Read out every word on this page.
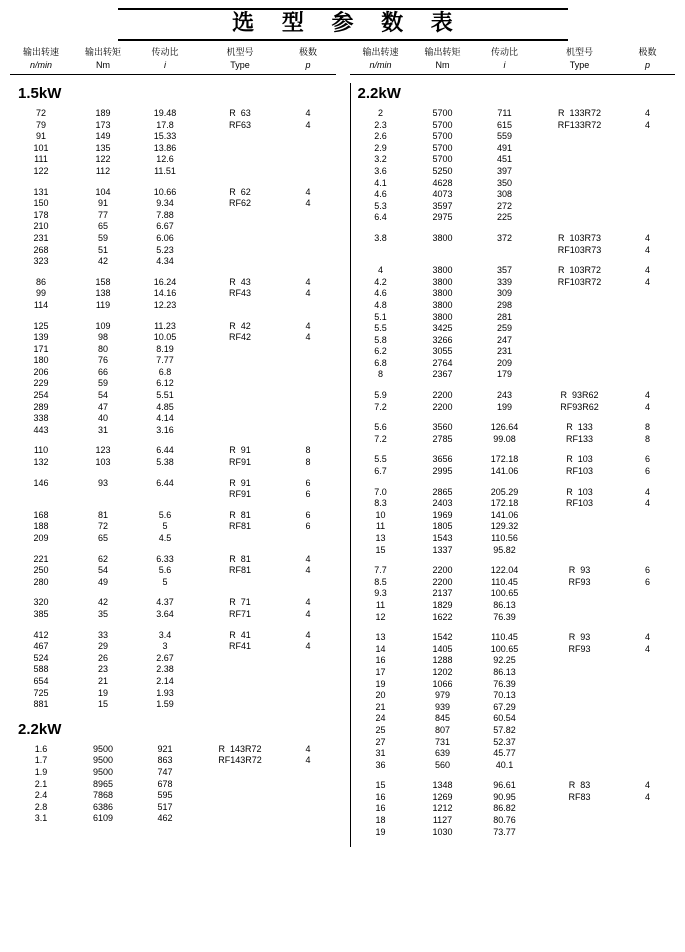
选 型 参 数 表
输出转速
n/min
输出转矩
Nm
传动比
i
机型号
Type
极数
p
1.5kW
72	189	19.48	R  63	4
79	173	17.8	RF63	4
91	149	15.33

101	135	13.86

111	122	12.6

122	112	11.51

131	104	10.66	R  62	4
150	91	9.34	RF62	4
178	77	7.88

210	65	6.67

231	59	6.06

268	51	5.23

323	42	4.34

86	158	16.24	R  43	4
99	138	14.16	RF43	4
114	119	12.23

125	109	11.23	R  42	4
139	98	10.05	RF42	4
171	80	8.19

180	76	7.77

206	66	6.8

229	59	6.12

254	54	5.51

289	47	4.85

338	40	4.14

443	31	3.16

110	123	6.44	R  91	8
132	103	5.38	RF91	8
146	93	6.44	R  91	6

RF91	6
168	81	5.6	R  81	6
188	72	5	RF81	6
209	65	4.5

221	62	6.33	R  81	4
250	54	5.6	RF81	4
280	49	5

320	42	4.37	R  71	4
385	35	3.64	RF71	4
412	33	3.4	R  41	4
467	29	3	RF41	4
524	26	2.67

588	23	2.38

654	21	2.14

725	19	1.93

881	15	1.59

2.2kW
1.6	9500	921	R  143R72	4
1.7	9500	863	RF143R72	4
1.9	9500	747

2.1	8965	678

2.4	7868	595

2.8	6386	517

3.1	6109	462

输出转速
n/min
输出转矩
Nm
传动比
i
机型号
Type
极数
p
2.2kW
2	5700	711	R  133R72	4
2.3	5700	615	RF133R72	4
2.6	5700	559

2.9	5700	491

3.2	5700	451

3.6	5250	397

4.1	4628	350

4.6	4073	308

5.3	3597	272

6.4	2975	225

3.8	3800	372	R  103R73	4

RF103R73	4
4	3800	357	R  103R72	4
4.2	3800	339	RF103R72	4
4.6	3800	309

4.8	3800	298

5.1	3800	281

5.5	3425	259

5.8	3266	247

6.2	3055	231

6.8	2764	209

8	2367	179

5.9	2200	243	R  93R62	4
7.2	2200	199	RF93R62	4
5.6	3560	126.64	R  133	8
7.2	2785	99.08	RF133	8
5.5	3656	172.18	R  103	6
6.7	2995	141.06	RF103	6
7.0	2865	205.29	R  103	4
8.3	2403	172.18	RF103	4
10	1969	141.06

11	1805	129.32

13	1543	110.56

15	1337	95.82

7.7	2200	122.04	R  93	6
8.5	2200	110.45	RF93	6
9.3	2137	100.65

11	1829	86.13

12	1622	76.39

13	1542	110.45	R  93	4
14	1405	100.65	RF93	4
16	1288	92.25

17	1202	86.13

19	1066	76.39

20	979	70.13

21	939	67.29

24	845	60.54

25	807	57.82

27	731	52.37

31	639	45.77

36	560	40.1

15	1348	96.61	R  83	4
16	1269	90.95	RF83	4
16	1212	86.82

18	1127	80.76

19	1030	73.77
